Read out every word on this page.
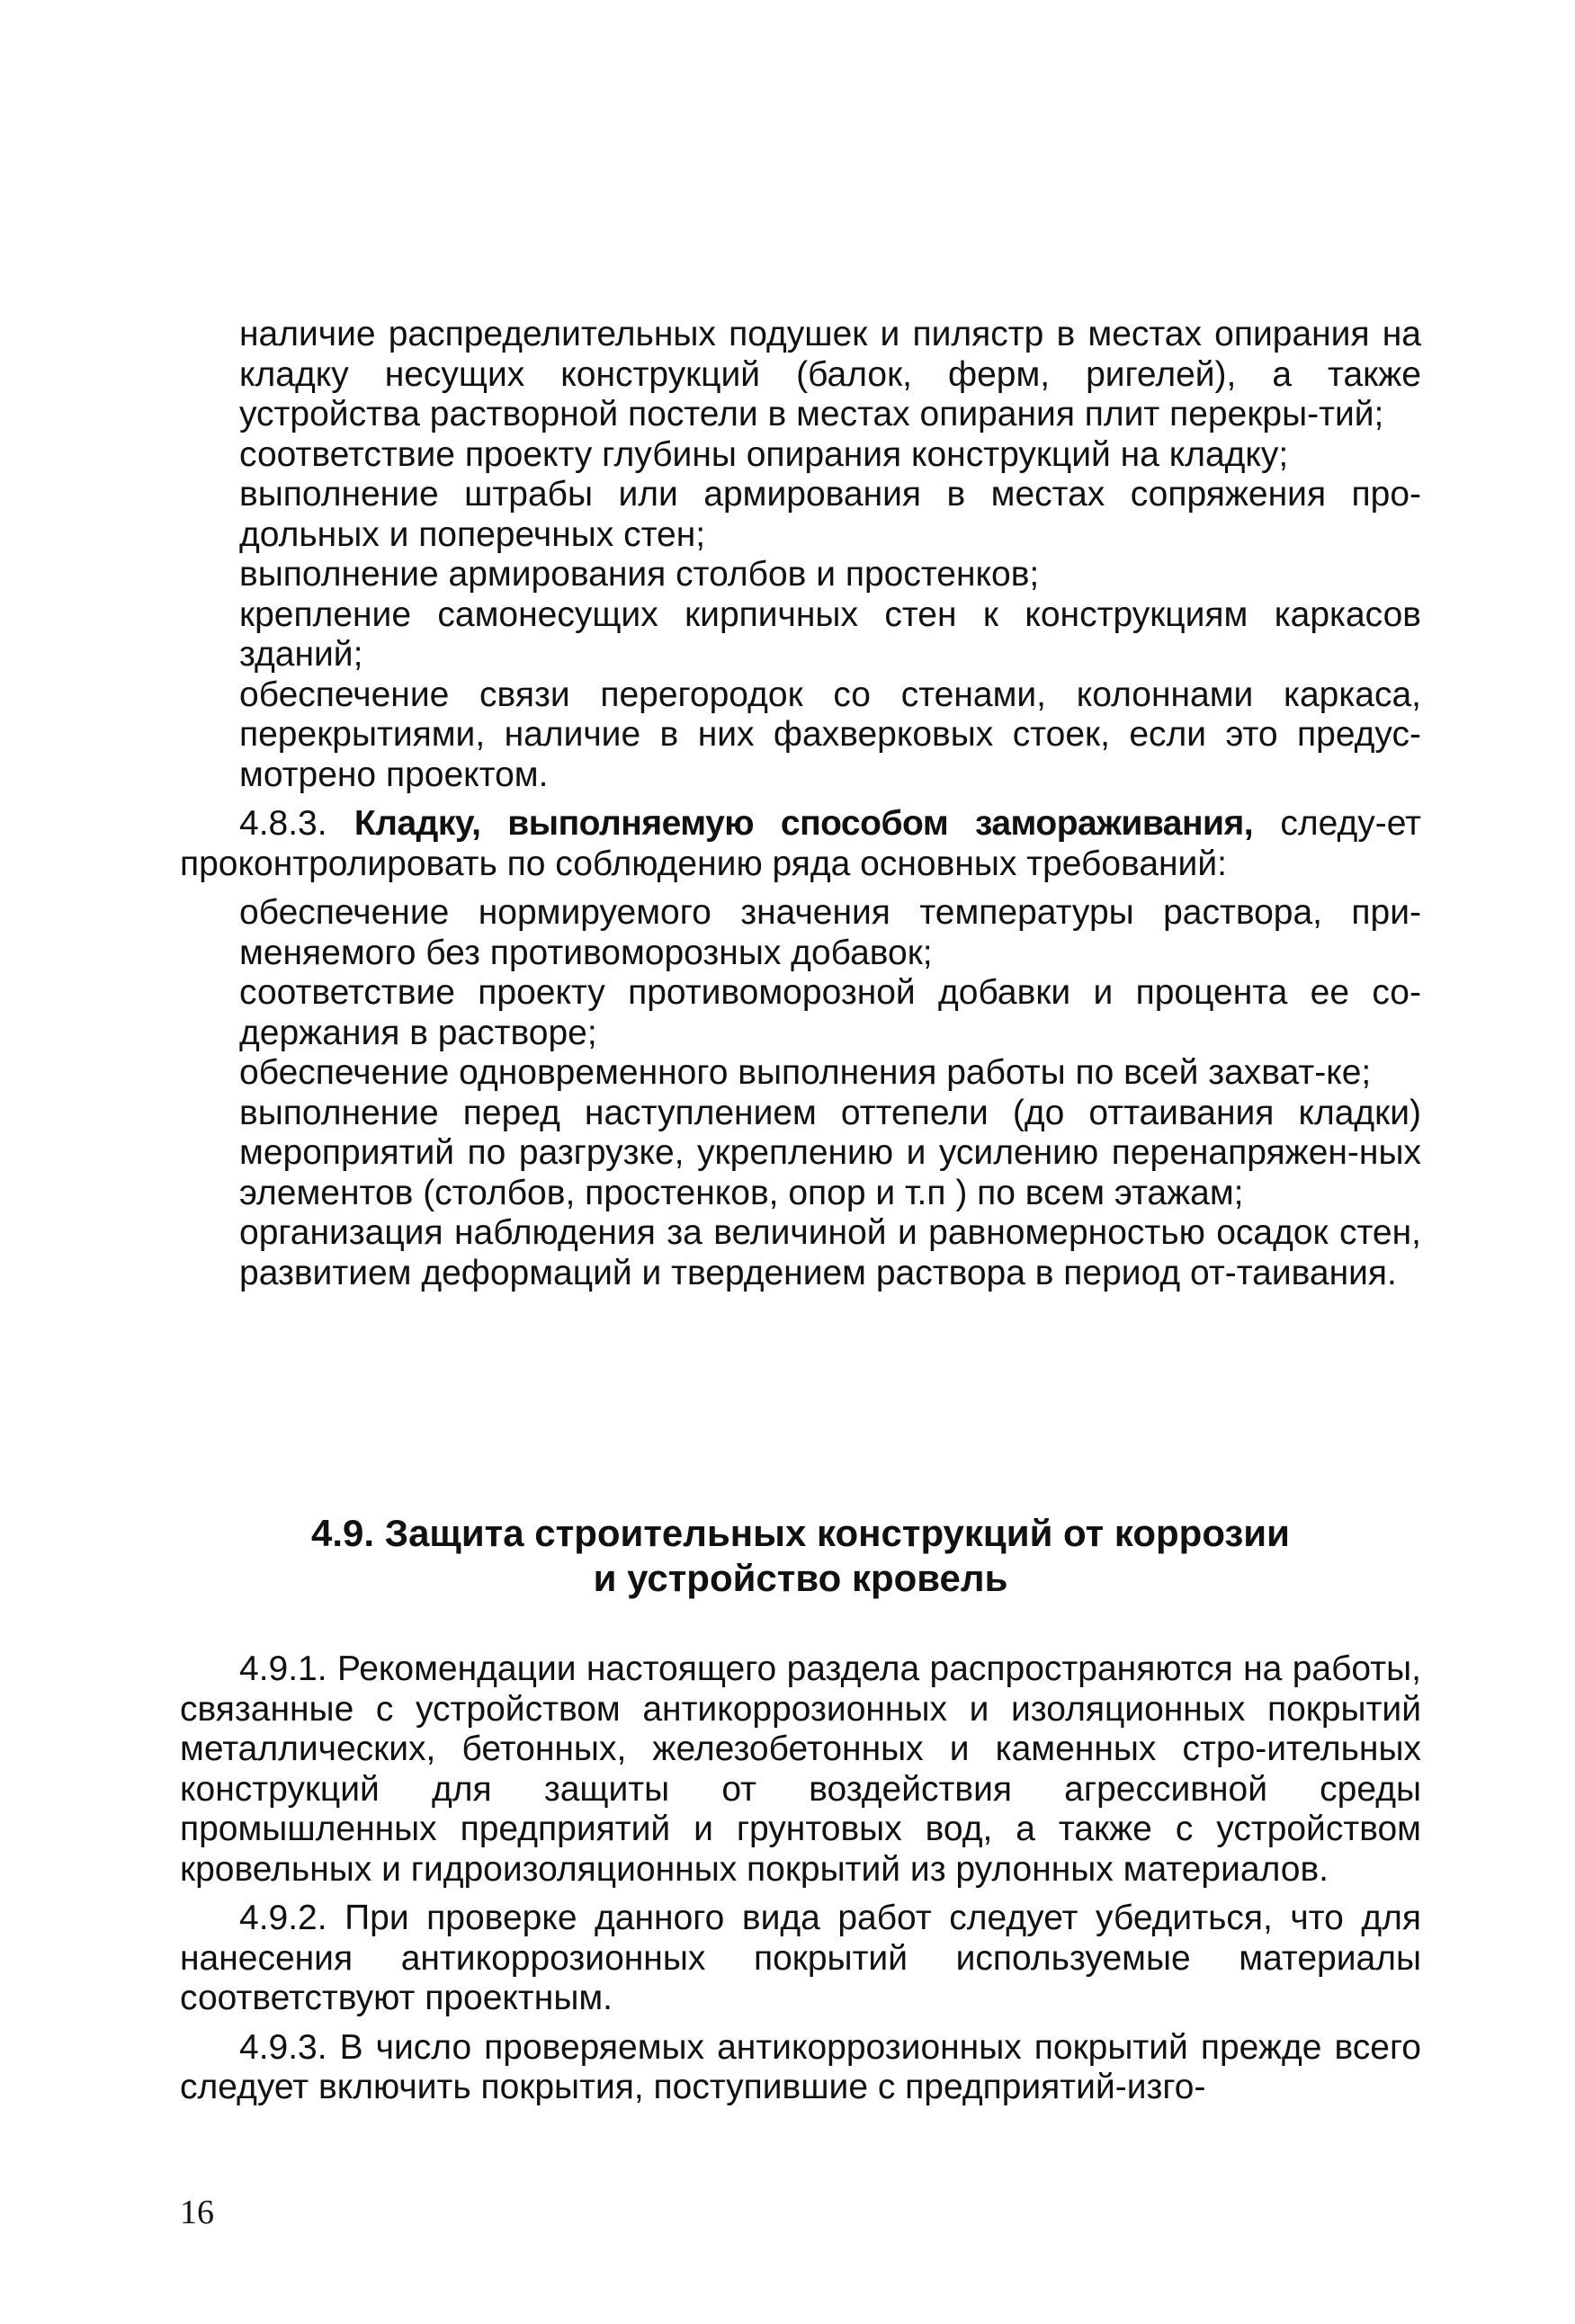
наличие распределительных подушек и пилястр в местах опирания на кладку несущих конструкций (балок, ферм, ригелей), а также устройства растворной постели в местах опирания плит перекры-тий;
соответствие проекту глубины опирания конструкций на кладку;
выполнение штрабы или армирования в местах сопряжения про-дольных и поперечных стен;
выполнение армирования столбов и простенков;
крепление самонесущих кирпичных стен к конструкциям каркасов зданий;
обеспечение связи перегородок со стенами, колоннами каркаса, перекрытиями, наличие в них фахверковых стоек, если это предус-мотрено проектом.

4.8.3. Кладку, выполняемую способом замораживания, следу-ет проконтролировать по соблюдению ряда основных требований:

обеспечение нормируемого значения температуры раствора, при-меняемого без противоморозных добавок;
соответствие проекту противоморозной добавки и процента ее со-держания в растворе;
обеспечение одновременного выполнения работы по всей захват-ке;
выполнение перед наступлением оттепели (до оттаивания кладки) мероприятий по разгрузке, укреплению и усилению перенапряжен-ных элементов (столбов, простенков, опор и т.п ) по всем этажам;
организация наблюдения за величиной и равномерностью осадок стен, развитием деформаций и твердением раствора в период от-таивания.
4.9. Защита строительных конструкций от коррозии
и устройство кровель

4.9.1. Рекомендации настоящего раздела распространяются на работы, связанные с устройством антикоррозионных и изоляционных покрытий металлических, бетонных, железобетонных и каменных стро-ительных конструкций для защиты от воздействия агрессивной среды промышленных предприятий и грунтовых вод, а также с устройством кровельных и гидроизоляционных покрытий из рулонных материалов.

4.9.2. При проверке данного вида работ следует убедиться, что для нанесения антикоррозионных покрытий используемые материалы соответствуют проектным.

4.9.3. В число проверяемых антикоррозионных покрытий прежде всего следует включить покрытия, поступившие с предприятий-изго-

16
